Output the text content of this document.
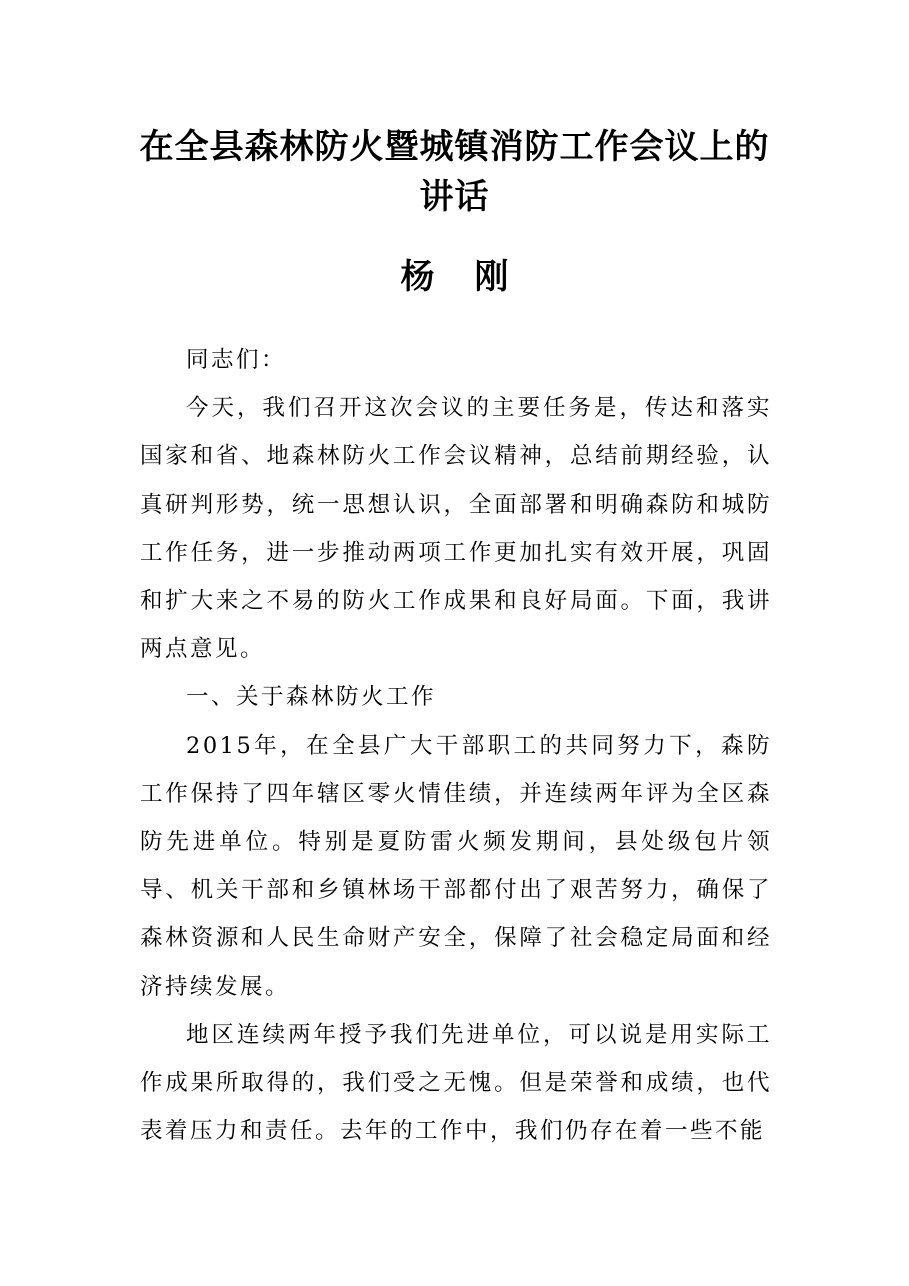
在全县森林防火暨城镇消防工作会议上的
讲话
杨 刚

同志们：

今天，我们召开这次会议的主要任务是，传达和落实国家和省、地森林防火工作会议精神，总结前期经验，认真研判形势，统一思想认识，全面部署和明确森防和城防工作任务，进一步推动两项工作更加扎实有效开展，巩固和扩大来之不易的防火工作成果和良好局面。下面，我讲两点意见。

一、关于森林防火工作

2015年，在全县广大干部职工的共同努力下，森防工作保持了四年辖区零火情佳绩，并连续两年评为全区森防先进单位。特别是夏防雷火频发期间，县处级包片领导、机关干部和乡镇林场干部都付出了艰苦努力，确保了森林资源和人民生命财产安全，保障了社会稳定局面和经济持续发展。

地区连续两年授予我们先进单位，可以说是用实际工作成果所取得的，我们受之无愧。但是荣誉和成绩，也代表着压力和责任。去年的工作中，我们仍存在着一些不能
